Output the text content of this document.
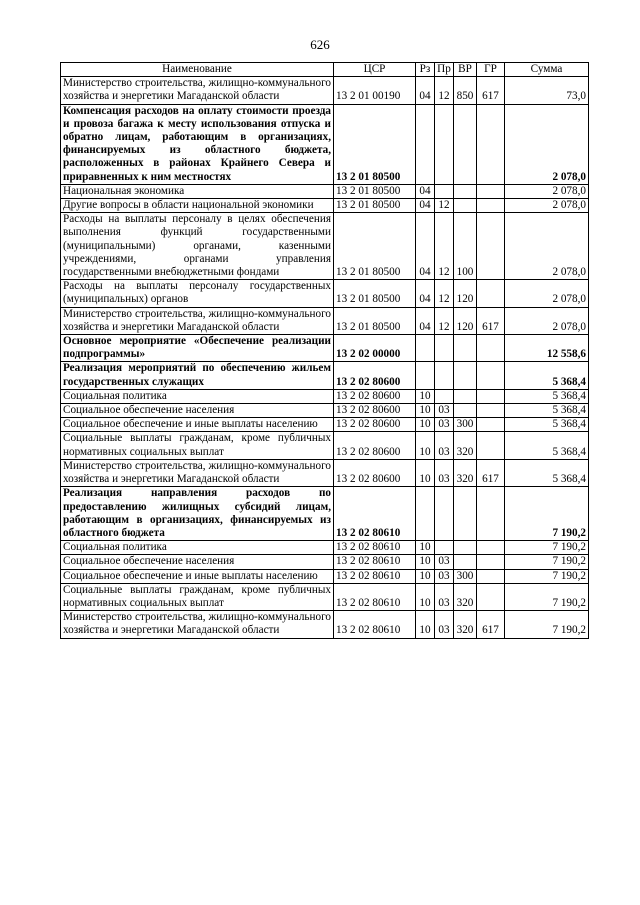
626
Наименование	ЦСР	Рз	Пр	ВР	ГР	Сумма
Министерство строительства, жилищно-коммунального хозяйства и энергетики Магаданской области	13 2 01 00190	04	12	850	617	73,0
Компенсация расходов на оплату стоимости проезда и провоза багажа к месту использования отпуска и обратно лицам, работающим в организациях, финансируемых из областного бюджета, расположенных в районах Крайнего Севера и приравненных к ним местностях	13 2 01 80500					2 078,0
Национальная экономика	13 2 01 80500	04				2 078,0
Другие вопросы в области национальной экономики	13 2 01 80500	04	12			2 078,0
Расходы на выплаты персоналу в целях обеспечения выполнения функций государственными (муниципальными) органами, казенными учреждениями, органами управления государственными внебюджетными фондами	13 2 01 80500	04	12	100		2 078,0
Расходы на выплаты персоналу государственных (муниципальных) органов	13 2 01 80500	04	12	120		2 078,0
Министерство строительства, жилищно-коммунального хозяйства и энергетики Магаданской области	13 2 01 80500	04	12	120	617	2 078,0
Основное мероприятие «Обеспечение реализации подпрограммы»	13 2 02 00000					12 558,6
Реализация мероприятий по обеспечению жильем государственных служащих	13 2 02 80600					5 368,4
Социальная политика	13 2 02 80600	10				5 368,4
Социальное обеспечение населения	13 2 02 80600	10	03			5 368,4
Социальное обеспечение и иные выплаты населению	13 2 02 80600	10	03	300		5 368,4
Социальные выплаты гражданам, кроме публичных нормативных социальных выплат	13 2 02 80600	10	03	320		5 368,4
Министерство строительства, жилищно-коммунального хозяйства и энергетики Магаданской области	13 2 02 80600	10	03	320	617	5 368,4
Реализация направления расходов по предоставлению жилищных субсидий лицам, работающим в организациях, финансируемых из областного бюджета	13 2 02 80610					7 190,2
Социальная политика	13 2 02 80610	10				7 190,2
Социальное обеспечение населения	13 2 02 80610	10	03			7 190,2
Социальное обеспечение и иные выплаты населению	13 2 02 80610	10	03	300		7 190,2
Социальные выплаты гражданам, кроме публичных нормативных социальных выплат	13 2 02 80610	10	03	320		7 190,2
Министерство строительства, жилищно-коммунального хозяйства и энергетики Магаданской области	13 2 02 80610	10	03	320	617	7 190,2
